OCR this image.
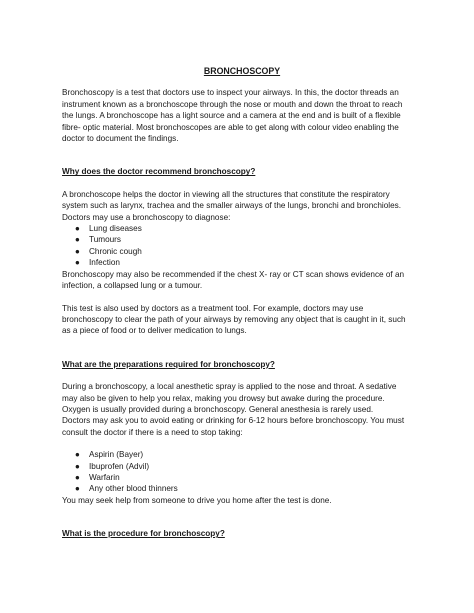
BRONCHOSCOPY

Bronchoscopy is a test that doctors use to inspect your airways. In this, the doctor threads an

instrument known as a bronchoscope through the nose or mouth and down the throat to reach

the lungs. A bronchoscope has a light source and a camera at the end and is built of a flexible

fibre- optic material. Most bronchoscopes are able to get along with colour video enabling the

doctor to document the findings.

Why does the doctor recommend bronchoscopy?

A bronchoscope helps the doctor in viewing all the structures that constitute the respiratory

system such as larynx, trachea and the smaller airways of the lungs, bronchi and bronchioles.

Doctors may use a bronchoscopy to diagnose:

● Lung diseases
● Tumours
● Chronic cough
● Infection

Bronchoscopy may also be recommended if the chest X- ray or CT scan shows evidence of an

infection, a collapsed lung or a tumour.

This test is also used by doctors as a treatment tool. For example, doctors may use

bronchoscopy to clear the path of your airways by removing any object that is caught in it, such

as a piece of food or to deliver medication to lungs.

What are the preparations required for bronchoscopy?

During a bronchoscopy, a local anesthetic spray is applied to the nose and throat. A sedative

may also be given to help you relax, making you drowsy but awake during the procedure.

Oxygen is usually provided during a bronchoscopy. General anesthesia is rarely used.

Doctors may ask you to avoid eating or drinking for 6-12 hours before bronchoscopy. You must

consult the doctor if there is a need to stop taking:

● Aspirin (Bayer)
● Ibuprofen (Advil)
● Warfarin
● Any other blood thinners

You may seek help from someone to drive you home after the test is done.

What is the procedure for bronchoscopy?
